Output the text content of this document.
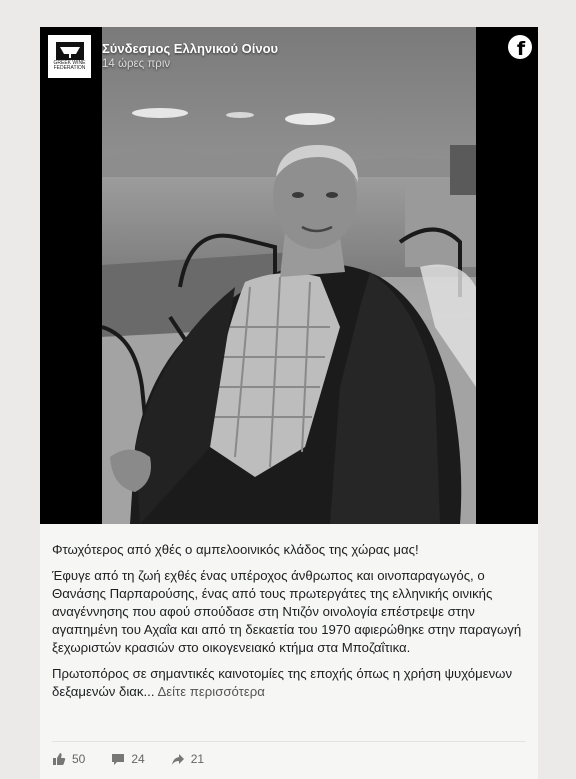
GREEK WINE FEDERATION
Σύνδεσμος Ελληνικού Οίνου
14 ώρες πριν
f

Φτωχότερος από χθές ο αμπελοοινικός κλάδος της χώρας μας!

Έφυγε από τη ζωή εχθές ένας υπέροχος άνθρωπος και οινοπαραγωγός, ο Θανάσης Παρπαρούσης, ένας από τους πρωτεργάτες της ελληνικής οινικής αναγέννησης που αφού σπούδασε στη Ντιζόν οινολογία επέστρεψε στην αγαπημένη του Αχαΐα και από τη δεκαετία του 1970 αφιερώθηκε στην παραγωγή ξεχωριστών κρασιών στο οικογενειακό κτήμα στα Μποζαΐτικα.

Πρωτοπόρος σε σημαντικές καινοτομίες της εποχής όπως η χρήση ψυχόμενων δεξαμενών διακ... Δείτε περισσότερα

50	24	21
